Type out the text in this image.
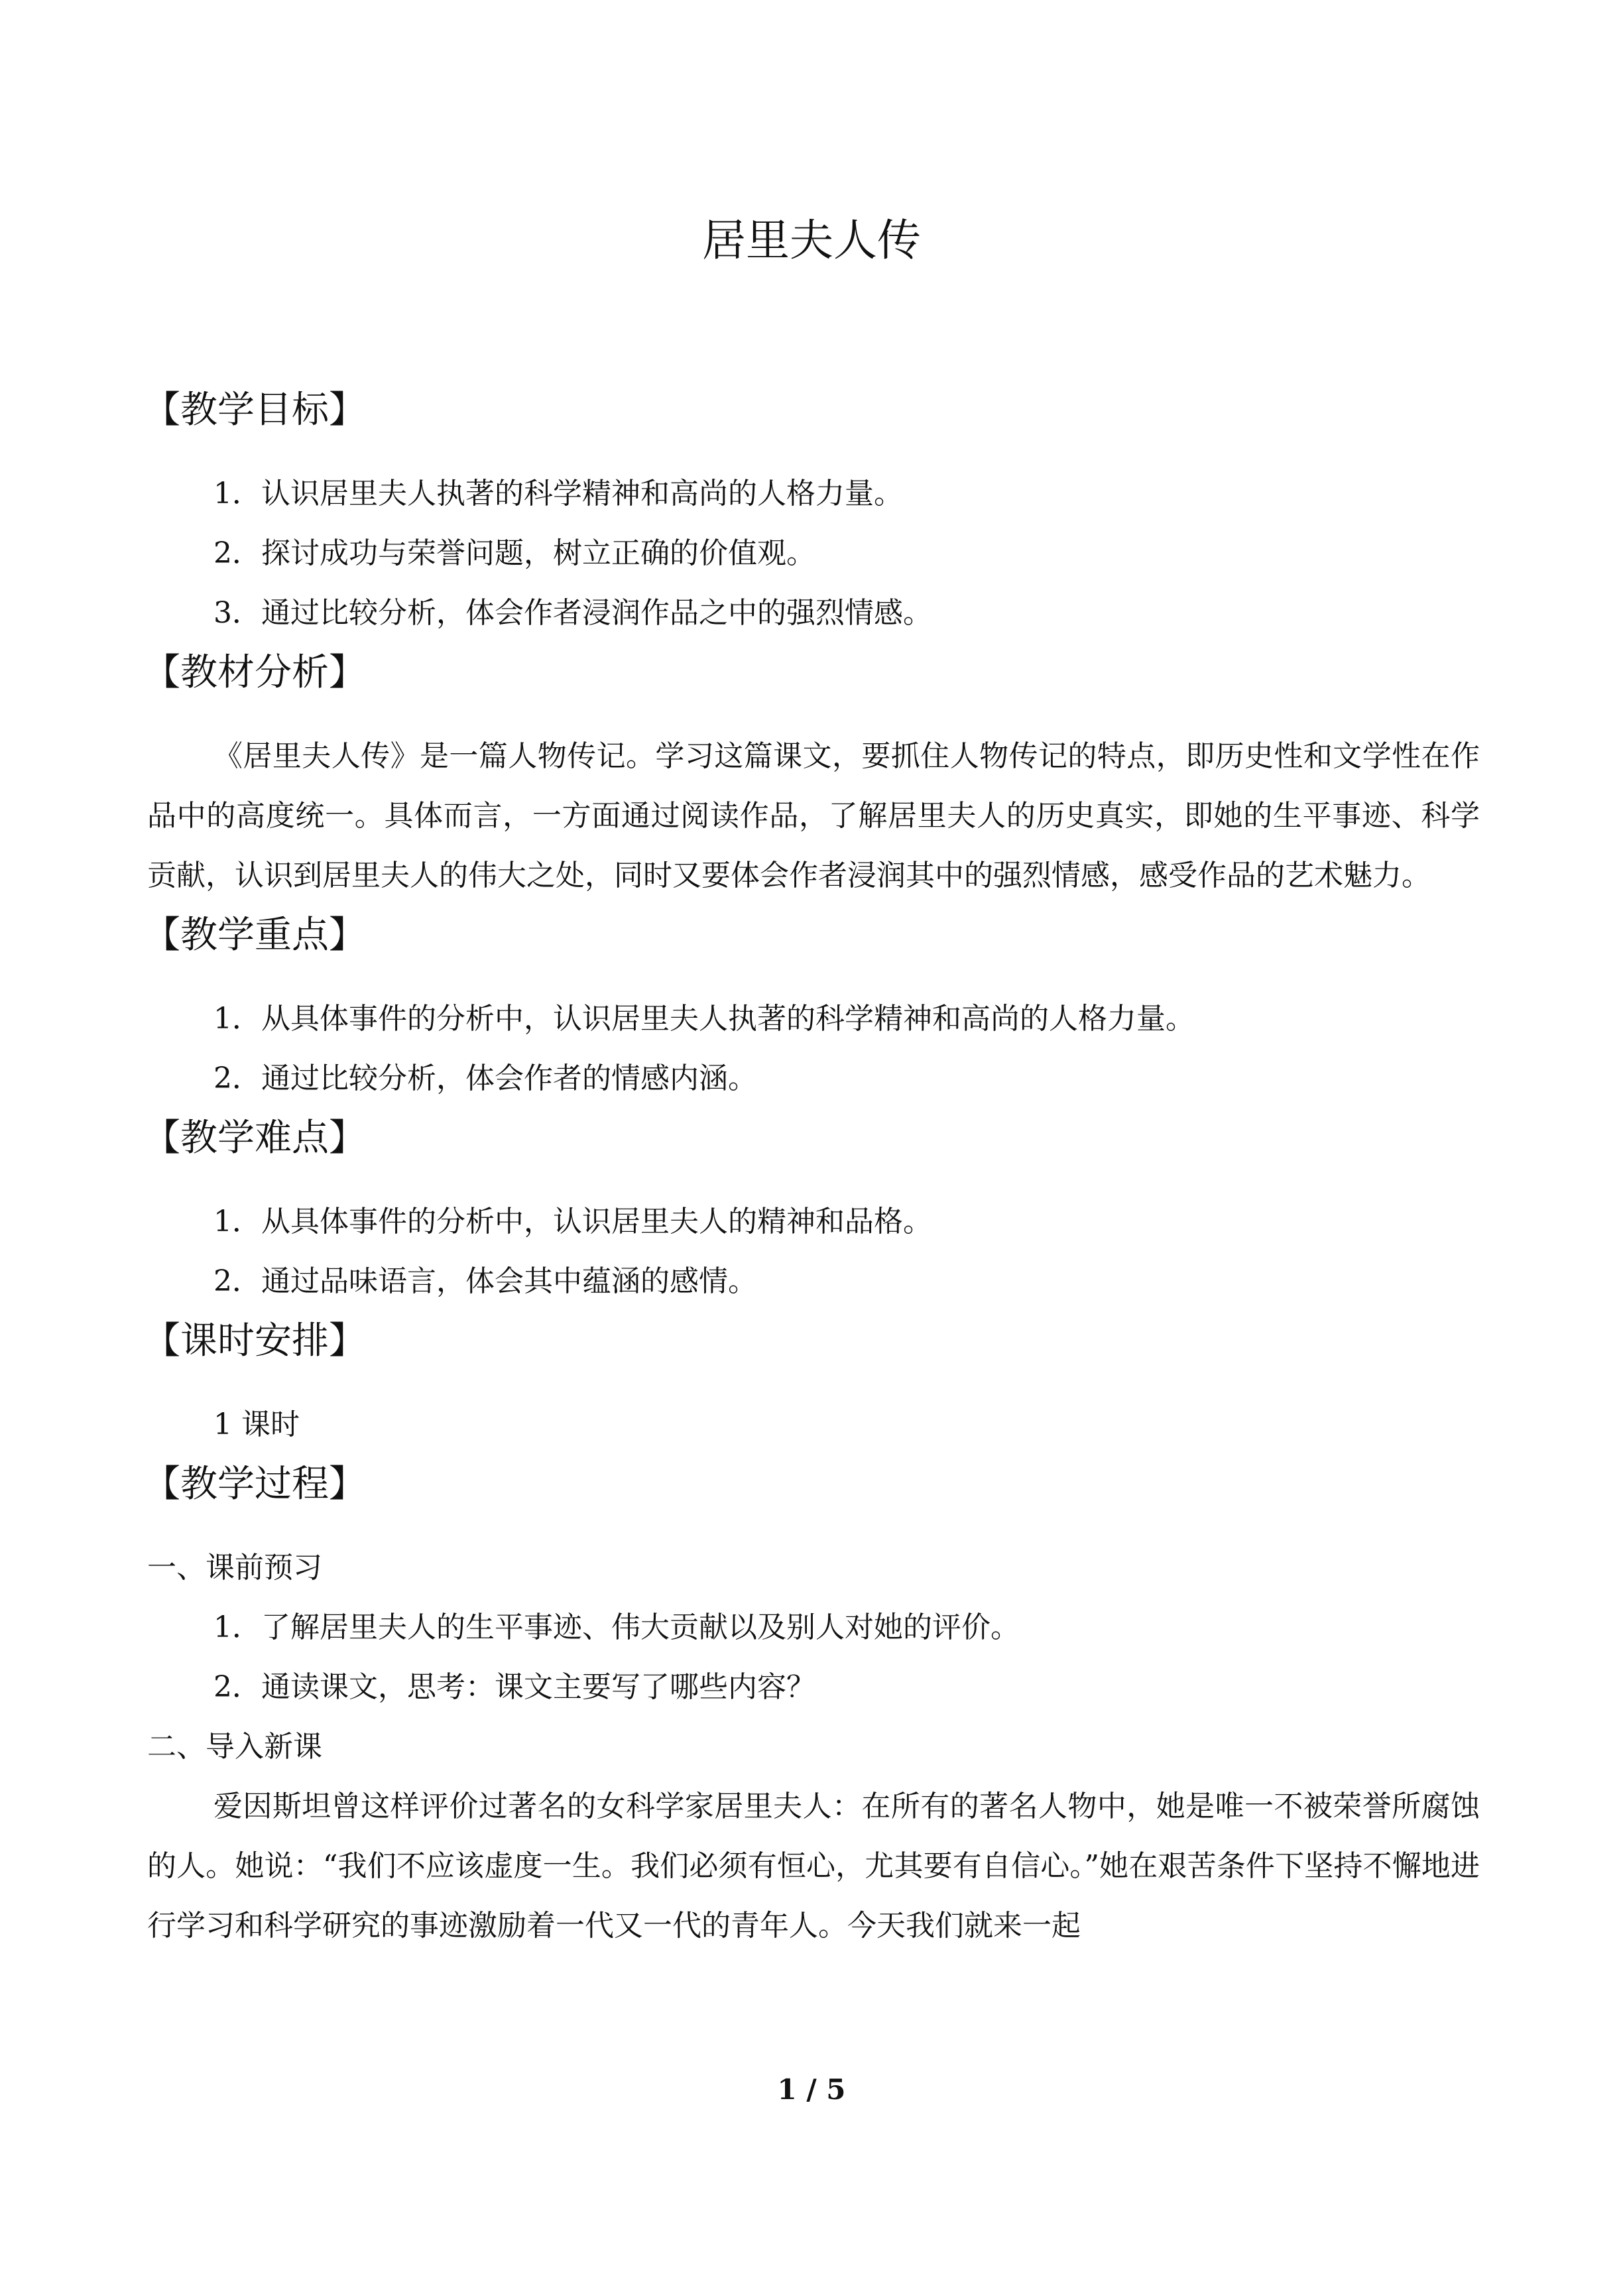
居里夫人传
【教学目标】
1．认识居里夫人执著的科学精神和高尚的人格力量。
2．探讨成功与荣誉问题，树立正确的价值观。
3．通过比较分析，体会作者浸润作品之中的强烈情感。
【教材分析】

《居里夫人传》是一篇人物传记。学习这篇课文，要抓住人物传记的特点，即历史性和文学性在作品中的高度统一。具体而言，一方面通过阅读作品，了解居里夫人的历史真实，即她的生平事迹、科学贡献，认识到居里夫人的伟大之处，同时又要体会作者浸润其中的强烈情感，感受作品的艺术魅力。

【教学重点】
1．从具体事件的分析中，认识居里夫人执著的科学精神和高尚的人格力量。
2．通过比较分析，体会作者的情感内涵。
【教学难点】
1．从具体事件的分析中，认识居里夫人的精神和品格。
2．通过品味语言，体会其中蕴涵的感情。
【课时安排】
1 课时
【教学过程】
一、课前预习
1．了解居里夫人的生平事迹、伟大贡献以及别人对她的评价。
2．通读课文，思考：课文主要写了哪些内容？
二、导入新课

爱因斯坦曾这样评价过著名的女科学家居里夫人：在所有的著名人物中，她是唯一不被荣誉所腐蚀的人。她说：“我们不应该虚度一生。我们必须有恒心，尤其要有自信心。”她在艰苦条件下坚持不懈地进行学习和科学研究的事迹激励着一代又一代的青年人。今天我们就来一起

1 / 5
